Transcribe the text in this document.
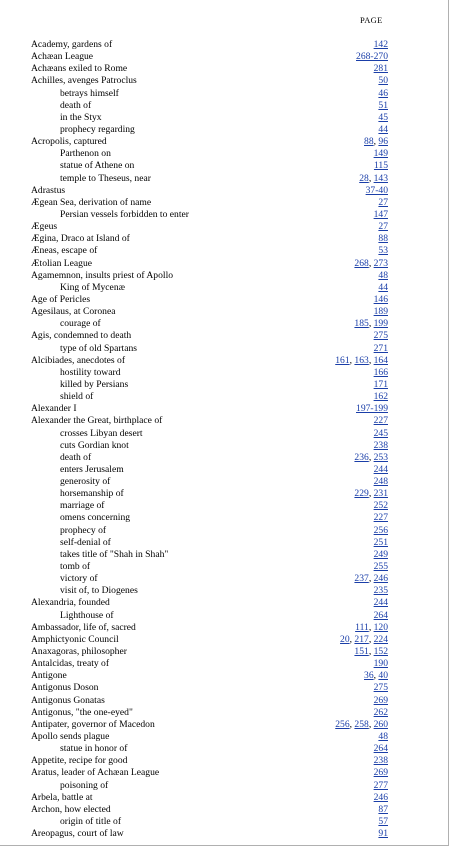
PAGE
Academy, gardens of	142
Achæan League	268-270
Achæans exiled to Rome	281
Achilles, avenges Patroclus	50
betrays himself	46
death of	51
in the Styx	45
prophecy regarding	44
Acropolis, captured	88, 96
Parthenon on	149
statue of Athene on	115
temple to Theseus, near	28, 143
Adrastus	37-40
Ægean Sea, derivation of name	27
Persian vessels forbidden to enter	147
Ægeus	27
Ægina, Draco at Island of	88
Æneas, escape of	53
Ætolian League	268, 273
Agamemnon, insults priest of Apollo	48
King of Mycenæ	44
Age of Pericles	146
Agesilaus, at Coronea	189
courage of	185, 199
Agis, condemned to death	275
type of old Spartans	271
Alcibiades, anecdotes of	161, 163, 164
hostility toward	166
killed by Persians	171
shield of	162
Alexander I	197-199
Alexander the Great, birthplace of	227
crosses Libyan desert	245
cuts Gordian knot	238
death of	236, 253
enters Jerusalem	244
generosity of	248
horsemanship of	229, 231
marriage of	252
omens concerning	227
prophecy of	256
self-denial of	251
takes title of "Shah in Shah"	249
tomb of	255
victory of	237, 246
visit of, to Diogenes	235
Alexandria, founded	244
Lighthouse of	264
Ambassador, life of, sacred	111, 120
Amphictyonic Council	20, 217, 224
Anaxagoras, philosopher	151, 152
Antalcidas, treaty of	190
Antigone	36, 40
Antigonus Doson	275
Antigonus Gonatas	269
Antigonus, "the one-eyed"	262
Antipater, governor of Macedon	256, 258, 260
Apollo sends plague	48
statue in honor of	264
Appetite, recipe for good	238
Aratus, leader of Achæan League	269
poisoning of	277
Arbela, battle at	246
Archon, how elected	87
origin of title of	57
Areopagus, court of law	91
